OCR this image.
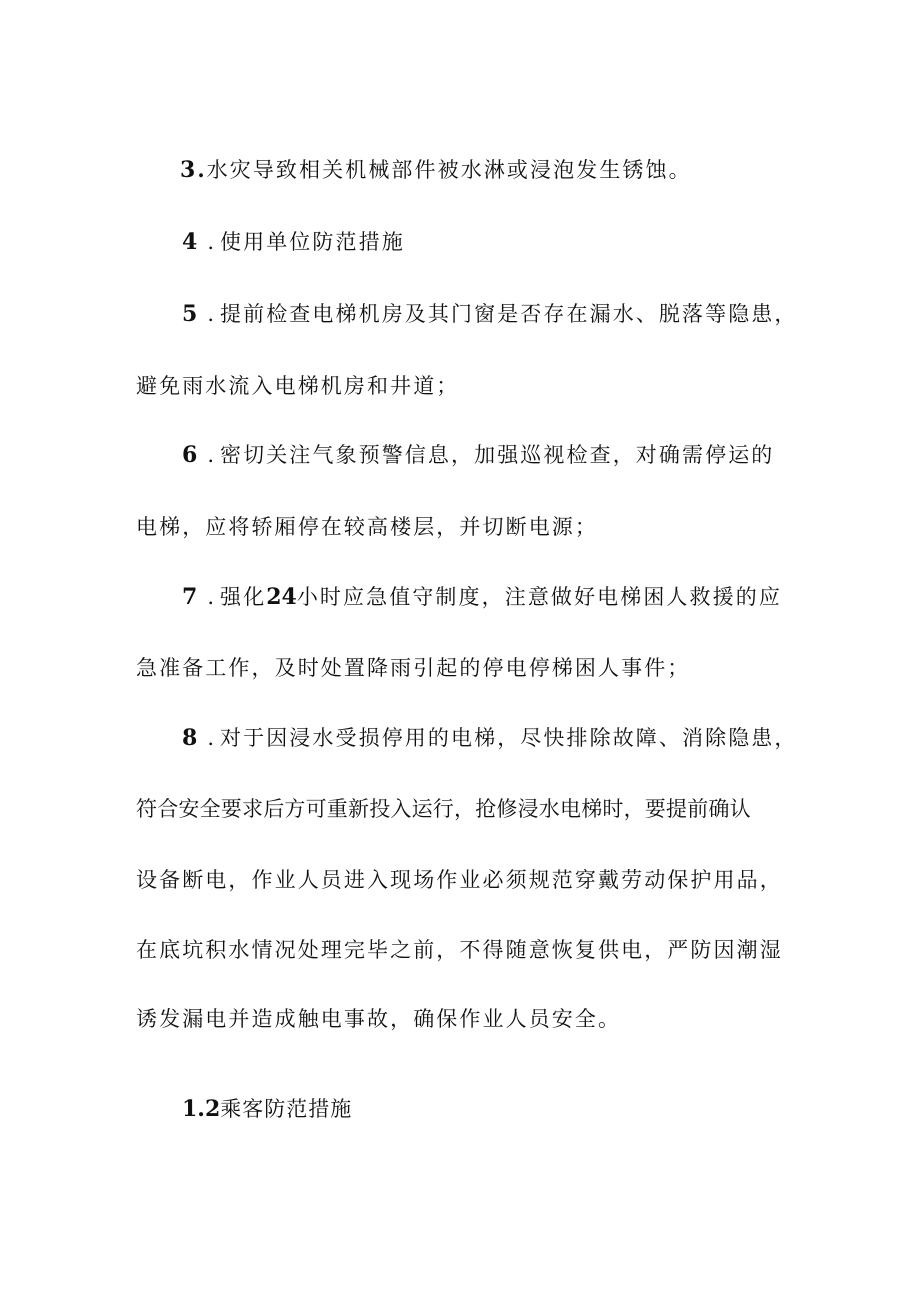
3.水灾导致相关机械部件被水淋或浸泡发生锈蚀。
4 . 使用单位防范措施
5 . 提前检查电梯机房及其门窗是否存在漏水、脱落等隐患，
避免雨水流入电梯机房和井道；
6 . 密切关注气象预警信息，加强巡视检查，对确需停运的
电梯，应将轿厢停在较高楼层，并切断电源；
7 . 强化24小时应急值守制度，注意做好电梯困人救援的应
急准备工作，及时处置降雨引起的停电停梯困人事件；
8 . 对于因浸水受损停用的电梯，尽快排除故障、消除隐患，
符合安全要求后方可重新投入运行，抢修浸水电梯时，要提前确认
设备断电，作业人员进入现场作业必须规范穿戴劳动保护用品，
在底坑积水情况处理完毕之前，不得随意恢复供电，严防因潮湿
诱发漏电并造成触电事故，确保作业人员安全。
1.2乘客防范措施
